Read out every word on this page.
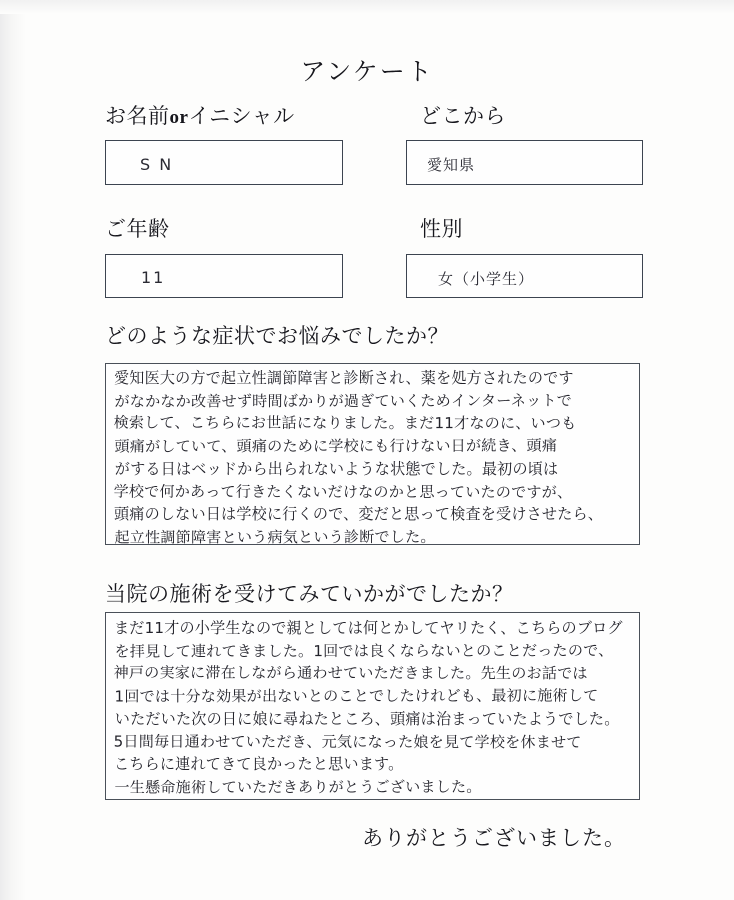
アンケート
お名前orイニシャル
S N
どこから
愛知県
ご年齢
11
性別
女（小学生）
どのような症状でお悩みでしたか？
愛知医大の方で起立性調節障害と診断され、薬を処方されたのです
がなかなか改善せず時間ばかりが過ぎていくためインターネットで
検索して、こちらにお世話になりました。まだ11才なのに、いつも
頭痛がしていて、頭痛のために学校にも行けない日が続き、頭痛
がする日はベッドから出られないような状態でした。最初の頃は
学校で何かあって行きたくないだけなのかと思っていたのですが、
頭痛のしない日は学校に行くので、変だと思って検査を受けさせたら、
起立性調節障害という病気という診断でした。
当院の施術を受けてみていかがでしたか？
まだ11才の小学生なので親としては何とかしてヤリたく、こちらのブログ
を拝見して連れてきました。1回では良くならないとのことだったので、
神戸の実家に滞在しながら通わせていただきました。先生のお話では
1回では十分な効果が出ないとのことでしたけれども、最初に施術して
いただいた次の日に娘に尋ねたところ、頭痛は治まっていたようでした。
5日間毎日通わせていただき、元気になった娘を見て学校を休ませて
こちらに連れてきて良かったと思います。
一生懸命施術していただきありがとうございました。
ありがとうございました。
